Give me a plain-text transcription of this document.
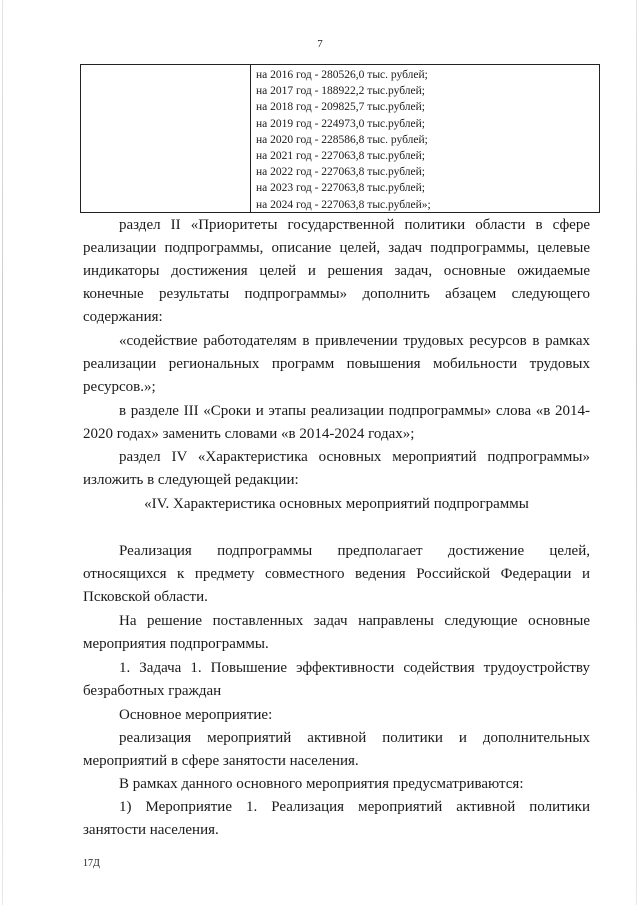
7
на 2016 год - 280526,0 тыс. рублей;
на 2017 год - 188922,2 тыс.рублей;
на 2018 год - 209825,7 тыс.рублей;
на 2019 год - 224973,0 тыс.рублей;
на 2020 год - 228586,8 тыс. рублей;
на 2021 год - 227063,8 тыс.рублей;
на 2022 год - 227063,8 тыс.рублей;
на 2023 год - 227063,8 тыс.рублей;
на 2024 год - 227063,8 тыс.рублей»;
раздел II «Приоритеты государственной политики области в сфере реализации подпрограммы, описание целей, задач подпрограммы, целевые индикаторы достижения целей и решения задач, основные ожидаемые конечные результаты подпрограммы» дополнить абзацем следующего содержания:
«содействие работодателям в привлечении трудовых ресурсов в рамках реализации региональных программ повышения мобильности трудовых ресурсов.»;
в разделе III «Сроки и этапы реализации подпрограммы» слова «в 2014-2020 годах» заменить словами «в 2014-2024 годах»;
раздел IV «Характеристика основных мероприятий подпрограммы» изложить в следующей редакции:
«IV. Характеристика основных мероприятий подпрограммы
Реализация подпрограммы предполагает достижение целей, относящихся к предмету совместного ведения Российской Федерации и Псковской области.
На решение поставленных задач направлены следующие основные мероприятия подпрограммы.
1. Задача 1. Повышение эффективности содействия трудоустройству безработных граждан
Основное мероприятие:
реализация мероприятий активной политики и дополнительных мероприятий в сфере занятости населения.
В рамках данного основного мероприятия предусматриваются:
1) Мероприятие 1. Реализация мероприятий активной политики занятости населения.
17Д
